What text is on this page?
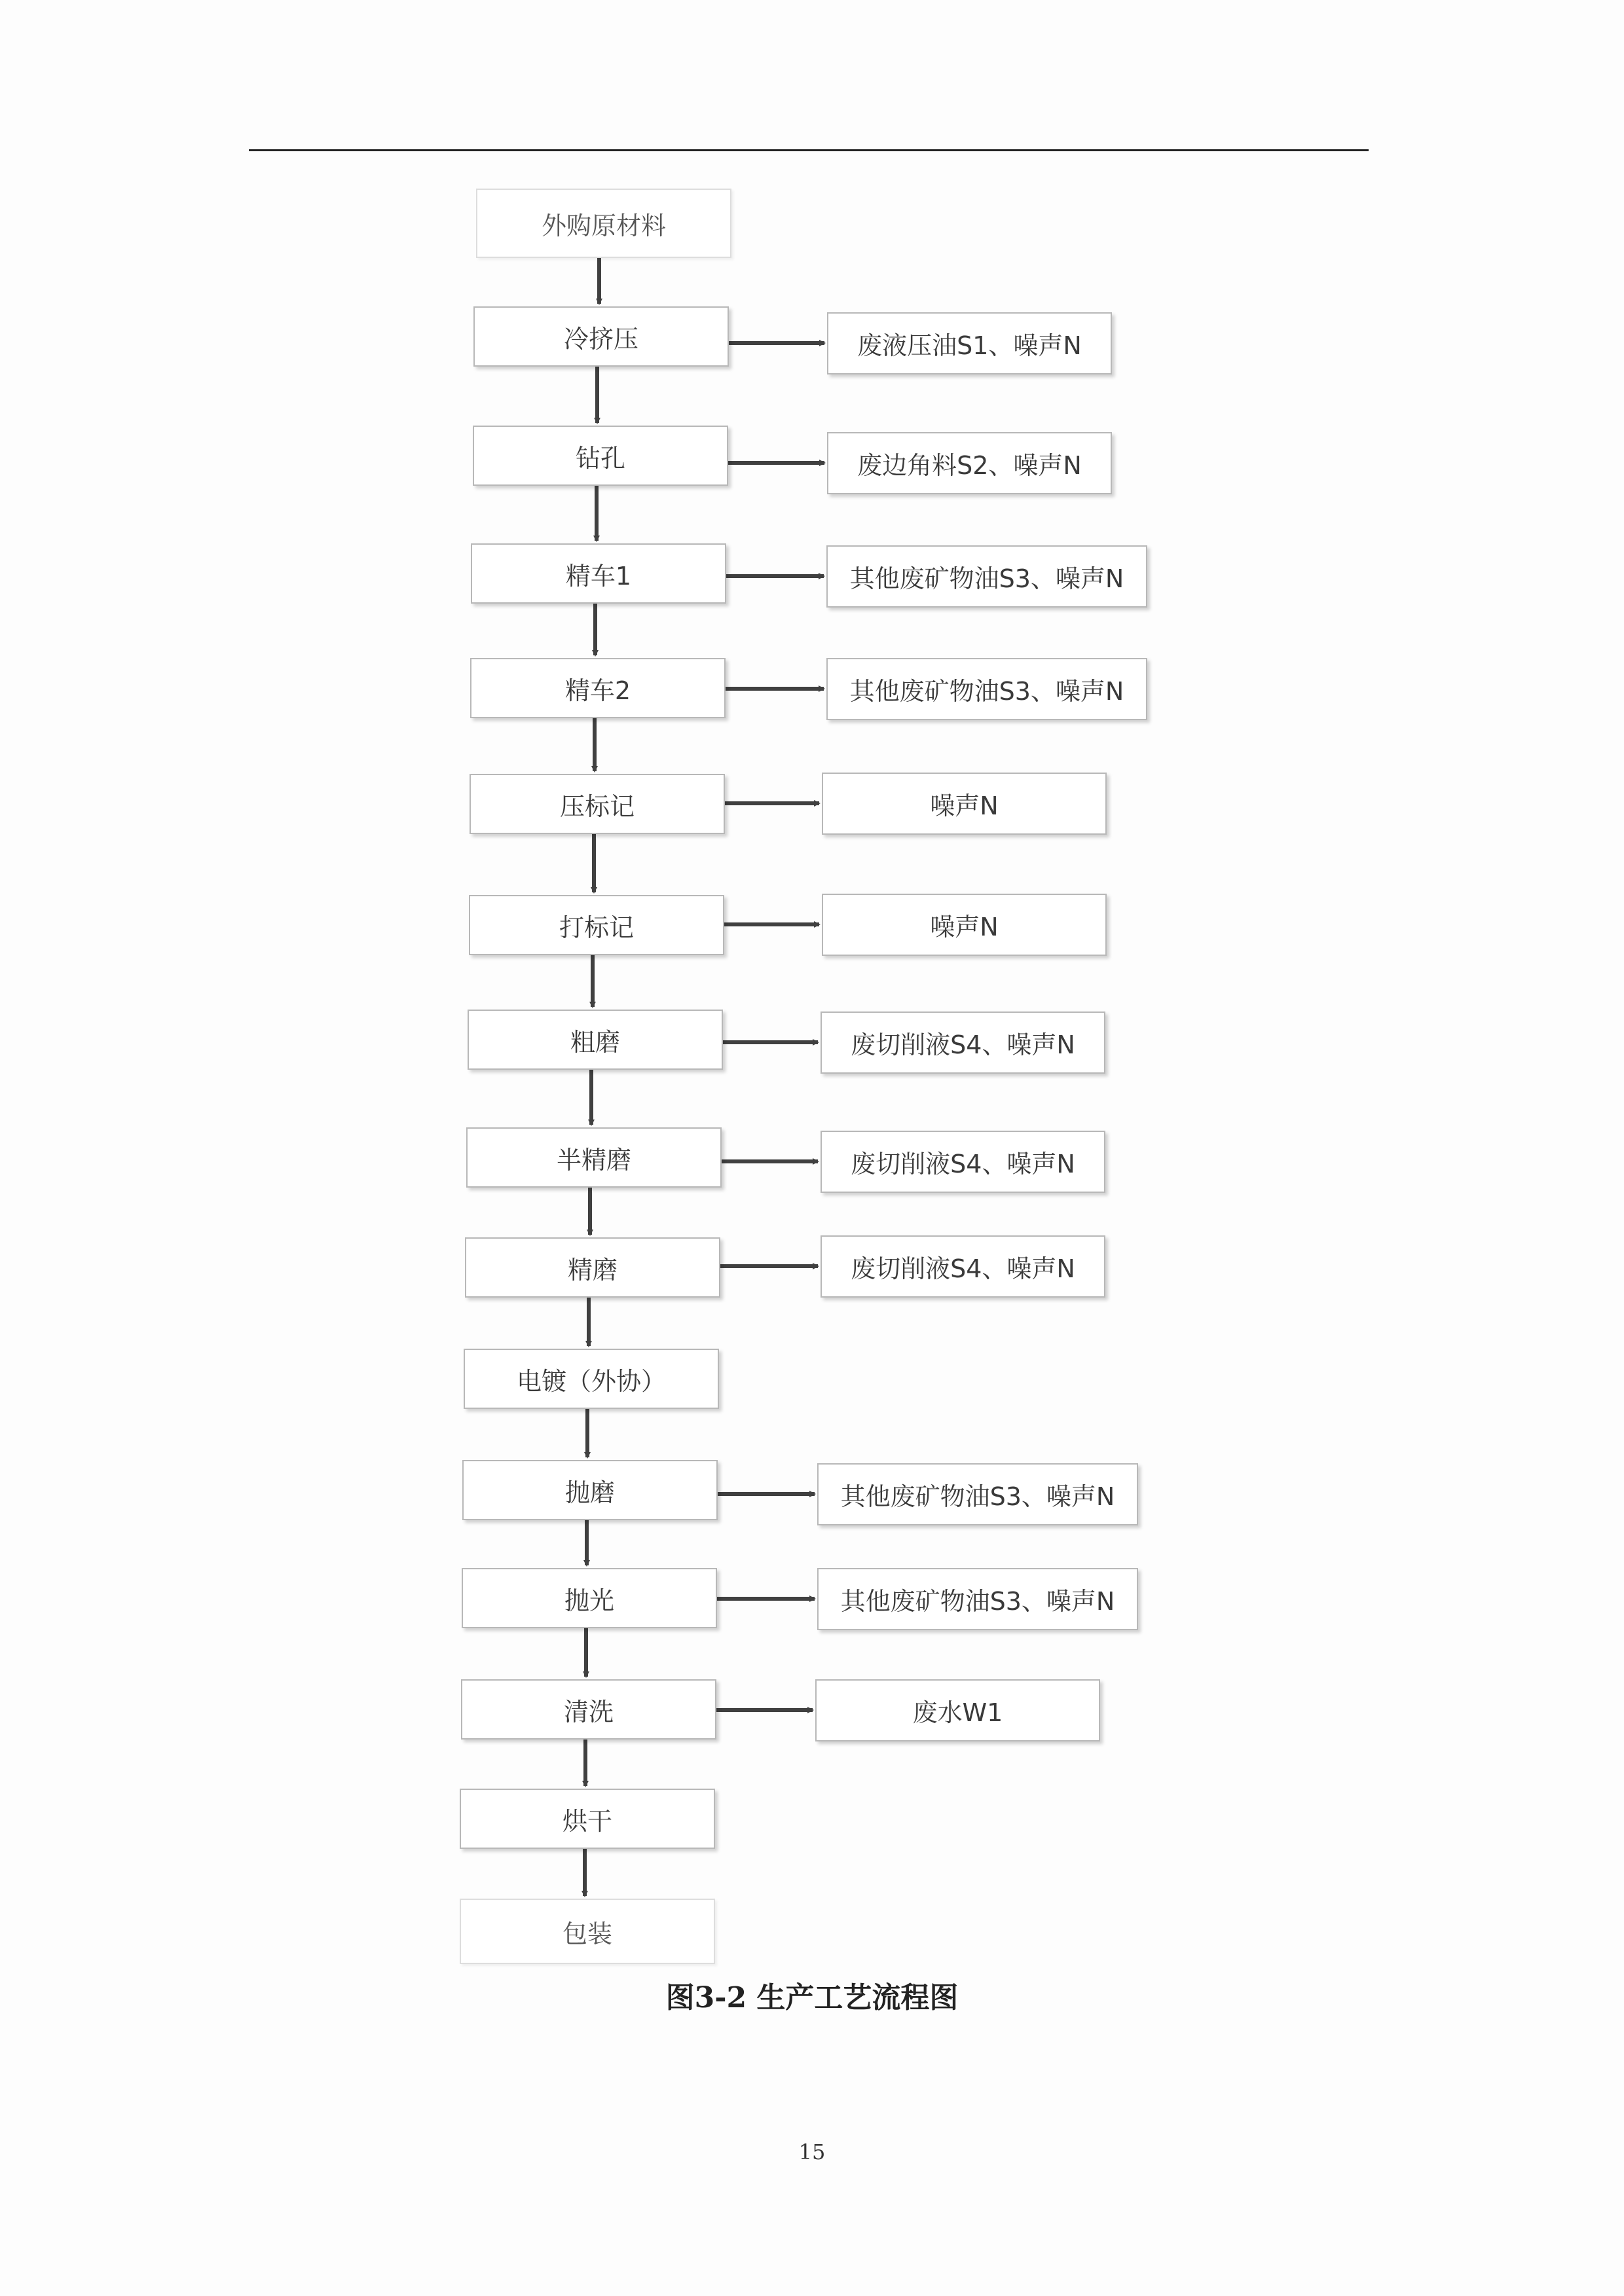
外购原材料
冷挤压
钻孔
精车1
精车2
压标记
打标记
粗磨
半精磨
精磨
电镀（外协）
抛磨
抛光
清洗
烘干
包装
废液压油S1、噪声N
废边角料S2、噪声N
其他废矿物油S3、噪声N
其他废矿物油S3、噪声N
噪声N
噪声N
废切削液S4、噪声N
废切削液S4、噪声N
废切削液S4、噪声N
其他废矿物油S3、噪声N
其他废矿物油S3、噪声N
废水W1
图3-2 生产工艺流程图
15
